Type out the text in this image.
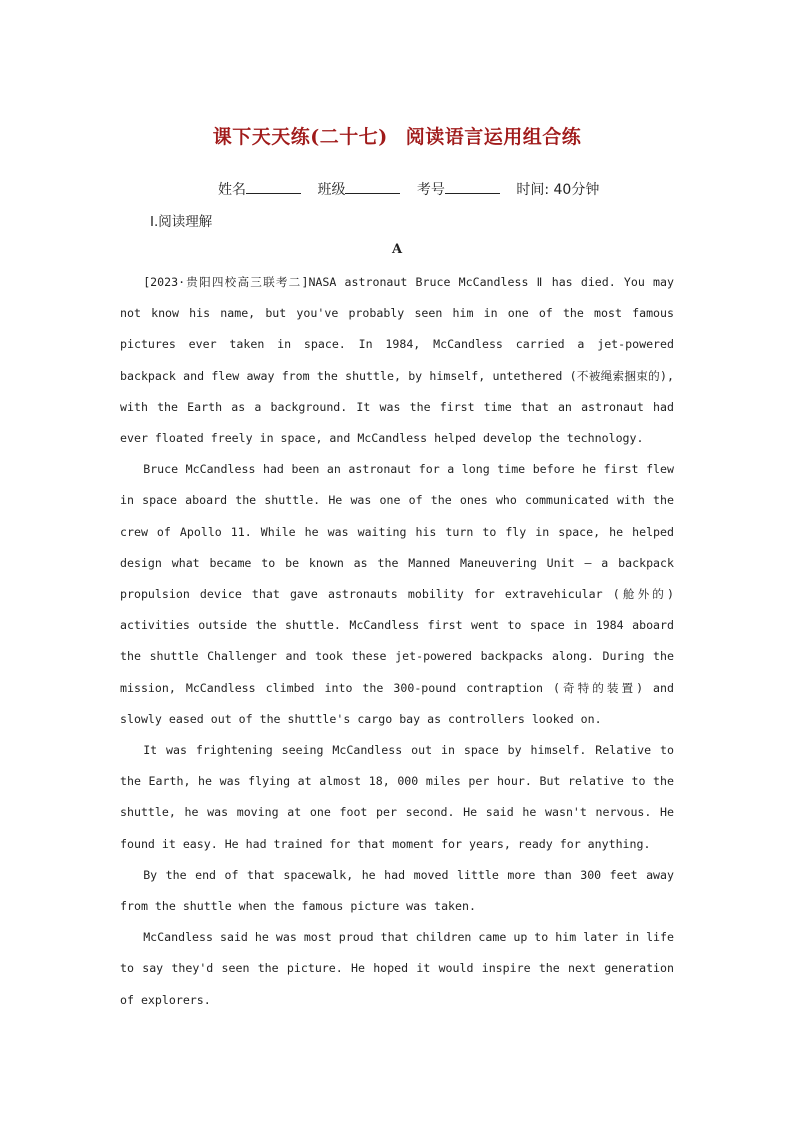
课下天天练(二十七) 阅读语言运用组合练
姓名	班级	考号	时间: 40分钟
Ⅰ.阅读理解
A

[2023·贵阳四校高三联考二]NASA astronaut Bruce McCandless Ⅱ has died. You may not know his name, but you've probably seen him in one of the most famous pictures ever taken in space. In 1984, McCandless carried a jet-powered backpack and flew away from the shuttle, by himself, untethered (不被绳索捆束的), with the Earth as a background. It was the first time that an astronaut had ever floated freely in space, and McCandless helped develop the technology.

Bruce McCandless had been an astronaut for a long time before he first flew in space aboard the shuttle. He was one of the ones who communicated with the crew of Apollo 11. While he was waiting his turn to fly in space, he helped design what became to be known as the Manned Maneuvering Unit — a backpack propulsion device that gave astronauts mobility for extravehicular (舱外的) activities outside the shuttle. McCandless first went to space in 1984 aboard the shuttle Challenger and took these jet-powered backpacks along. During the mission, McCandless climbed into the 300-pound contraption (奇特的装置) and slowly eased out of the shuttle's cargo bay as controllers looked on.

It was frightening seeing McCandless out in space by himself. Relative to the Earth, he was flying at almost 18, 000 miles per hour. But relative to the shuttle, he was moving at one foot per second. He said he wasn't nervous. He found it easy. He had trained for that moment for years, ready for anything.

By the end of that spacewalk, he had moved little more than 300 feet away from the shuttle when the famous picture was taken.

McCandless said he was most proud that children came up to him later in life to say they'd seen the picture. He hoped it would inspire the next generation of explorers.
